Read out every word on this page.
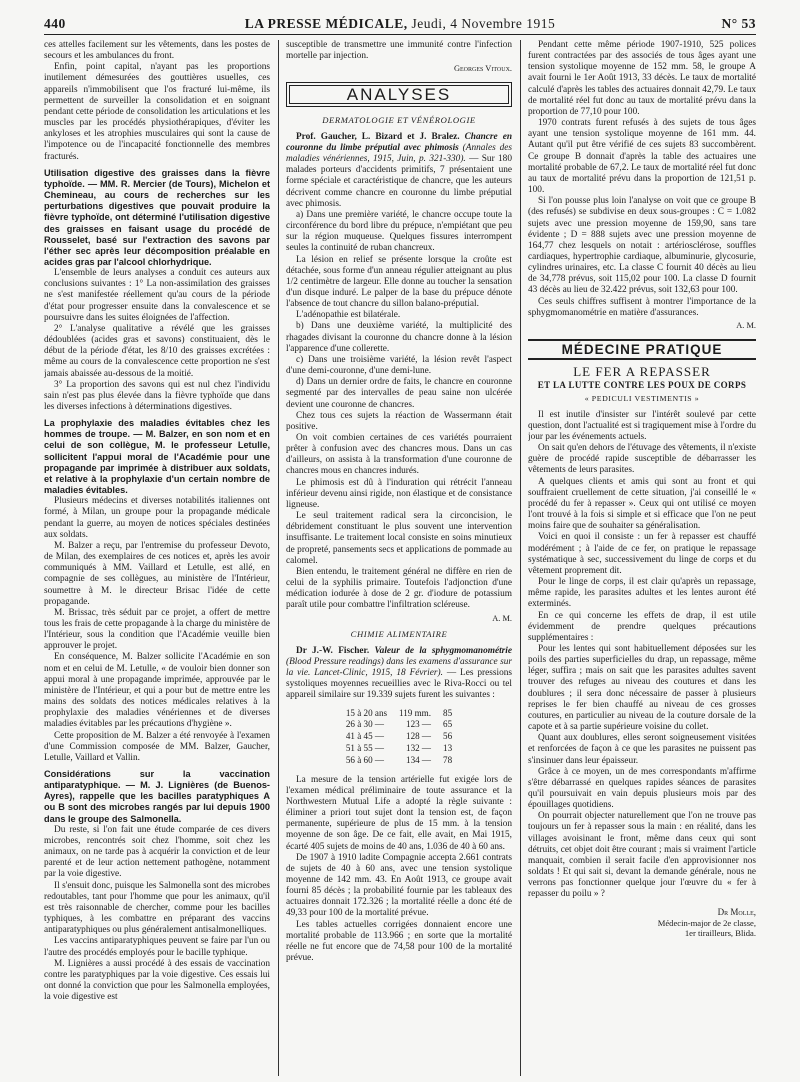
440	LA PRESSE MÉDICALE, Jeudi, 4 Novembre 1915	N° 53

ces attelles facilement sur les vêtements, dans les postes de secours et les ambulances du front.

Enfin, point capital, n'ayant pas les proportions inutilement démesurées des gouttières usuelles, ces appareils n'immobilisent que l'os fracturé lui-même, ils permettent de surveiller la consolidation et en soignant pendant cette période de consolidation les articulations et les muscles par les procédés physiothérapiques, d'éviter les ankyloses et les atrophies musculaires qui sont la cause de l'impotence ou de l'incapacité fonctionnelle des membres fracturés.

Utilisation digestive des graisses dans la fièvre typhoïde. — MM. R. Mercier (de Tours), Michelon et Chemineau, au cours de recherches sur les perturbations digestives que pouvait produire la fièvre typhoïde, ont déterminé l'utilisation digestive des graisses en faisant usage du procédé de Rousselet, basé sur l'extraction des savons par l'éther sec après leur décomposition préalable en acides gras par l'alcool chlorhydrique.

L'ensemble de leurs analyses a conduit ces auteurs aux conclusions suivantes : 1° La non-assimilation des graisses ne s'est manifestée réellement qu'au cours de la période d'état pour progresser ensuite dans la convalescence et se poursuivre dans les suites éloignées de l'affection.

2° L'analyse qualitative a révélé que les graisses dédoublées (acides gras et savons) constituaient, dès le début de la période d'état, les 8/10 des graisses excrétées : même au cours de la convalescence cette proportion ne s'est jamais abaissée au-dessous de la moitié.

3° La proportion des savons qui est nul chez l'individu sain n'est pas plus élevée dans la fièvre typhoïde que dans les diverses infections à déterminations digestives.

La prophylaxie des maladies évitables chez les hommes de troupe. — M. Balzer, en son nom et en celui de son collègue, M. le professeur Letulle, sollicitent l'appui moral de l'Académie pour une propagande par imprimée à distribuer aux soldats, et relative à la prophylaxie d'un certain nombre de maladies évitables.

Plusieurs médecins et diverses notabilités italiennes ont formé, à Milan, un groupe pour la propagande médicale pendant la guerre, au moyen de notices spéciales destinées aux soldats.

M. Balzer a reçu, par l'entremise du professeur Devoto, de Milan, des exemplaires de ces notices et, après les avoir communiqués à MM. Vaillard et Letulle, est allé, en compagnie de ses collègues, au ministère de l'Intérieur, soumettre à M. le directeur Brisac l'idée de cette propagande.

M. Brissac, très séduit par ce projet, a offert de mettre tous les frais de cette propagande à la charge du ministère de l'Intérieur, sous la condition que l'Académie veuille bien approuver le projet.

En conséquence, M. Balzer sollicite l'Académie en son nom et en celui de M. Letulle, « de vouloir bien donner son appui moral à une propagande imprimée, approuvée par le ministère de l'Intérieur, et qui a pour but de mettre entre les mains des soldats des notices médicales relatives à la prophylaxie des maladies vénériennes et de diverses maladies évitables par les précautions d'hygiène ».

Cette proposition de M. Balzer a été renvoyée à l'examen d'une Commission composée de MM. Balzer, Gaucher, Letulle, Vaillard et Vallin.

Considérations sur la vaccination antiparatyphique. — M. J. Lignières (de Buenos-Ayres), rappelle que les bacilles paratyphiques A ou B sont des microbes rangés par lui depuis 1900 dans le groupe des Salmonella.

Du reste, si l'on fait une étude comparée de ces divers microbes, rencontrés soit chez l'homme, soit chez les animaux, on ne tarde pas à acquérir la conviction et de leur parenté et de leur action nettement pathogène, notamment par la voie digestive.

Il s'ensuit donc, puisque les Salmonella sont des microbes redoutables, tant pour l'homme que pour les animaux, qu'il est très raisonnable de chercher, comme pour les bacilles typhiques, à les combattre en préparant des vaccins antiparatyphiques ou plus généralement antisalmonelliques.

Les vaccins antiparatyphiques peuvent se faire par l'un ou l'autre des procédés employés pour le bacille typhique.

M. Lignières a aussi procédé à des essais de vaccination contre les paratyphiques par la voie digestive. Ces essais lui ont donné la conviction que pour les Salmonella employées, la voie digestive est

susceptible de transmettre une immunité contre l'infection mortelle par injection.

Georges Vitoux.
ANALYSES
DERMATOLOGIE ET VÉNÉROLOGIE

Prof. Gaucher, L. Bizard et J. Bralez. Chancre en couronne du limbe préputial avec phimosis (Annales des maladies vénériennes, 1915, Juin, p. 321-330). — Sur 180 malades porteurs d'accidents primitifs, 7 présentaient une forme spéciale et caractéristique de chancre, que les auteurs décrivent comme chancre en couronne du limbe préputial avec phimosis.

a) Dans une première variété, le chancre occupe toute la circonférence du bord libre du prépuce, n'empiétant que peu sur la région muqueuse. Quelques fissures interrompent seules la continuité de ruban chancreux.

La lésion en relief se présente lorsque la croûte est détachée, sous forme d'un anneau régulier atteignant au plus 1/2 centimètre de largeur. Elle donne au toucher la sensation d'un disque induré. Le palper de la base du prépuce dénote l'absence de tout chancre du sillon balano-préputial.

L'adénopathie est bilatérale.

b) Dans une deuxième variété, la multiplicité des rhagades divisant la couronne du chancre donne à la lésion l'apparence d'une collerette.

c) Dans une troisième variété, la lésion revêt l'aspect d'une demi-couronne, d'une demi-lune.

d) Dans un dernier ordre de faits, le chancre en couronne segmenté par des intervalles de peau saine non ulcérée devient une couronne de chancres.

Chez tous ces sujets la réaction de Wassermann était positive.

On voit combien certaines de ces variétés pourraient prêter à confusion avec des chancres mous. Dans un cas d'ailleurs, on assista à la transformation d'une couronne de chancres mous en chancres indurés.

Le phimosis est dû à l'induration qui rétrécit l'anneau inférieur devenu ainsi rigide, non élastique et de consistance ligneuse.

Le seul traitement radical sera la circoncision, le débridement constituant le plus souvent une intervention insuffisante. Le traitement local consiste en soins minutieux de propreté, pansements secs et applications de pommade au calomel.

Bien entendu, le traitement général ne diffère en rien de celui de la syphilis primaire. Toutefois l'adjonction d'une médication iodurée à dose de 2 gr. d'iodure de potassium paraît utile pour combattre l'infiltration scléreuse.

A. M.
CHIMIE ALIMENTAIRE

Dr J.-W. Fischer. Valeur de la sphygmomanométrie (Blood Pressure readings) dans les examens d'assurance sur la vie. Lancet-Clinic, 1915, 18 Février). — Les pressions systoliques moyennes recueillies avec le Riva-Rocci ou tel appareil similaire sur 19.339 sujets furent les suivantes :

15 à 20 ans	119 mm.	85
26 à 30 —	123 —	65
41 à 45 —	128 —	56
51 à 55 —	132 —	13
56 à 60 —	134 —	78

La mesure de la tension artérielle fut exigée lors de l'examen médical préliminaire de toute assurance et la Northwestern Mutual Life a adopté la règle suivante : éliminer a priori tout sujet dont la tension est, de façon permanente, supérieure de plus de 15 mm. à la tension moyenne de son âge. De ce fait, elle avait, en Mai 1915, écarté 405 sujets de moins de 40 ans, 1.036 de 40 à 60 ans.

De 1907 à 1910 ladite Compagnie accepta 2.661 contrats de sujets de 40 à 60 ans, avec une tension systolique moyenne de 142 mm. 43. En Août 1913, ce groupe avait fourni 85 décès ; la probabilité fournie par les tableaux des actuaires donnait 172.326 ; la mortalité réelle a donc été de 49,33 pour 100 de la mortalité prévue.

Les tables actuelles corrigées donnaient encore une mortalité probable de 113.966 ; en sorte que la mortalité réelle ne fut encore que de 74,58 pour 100 de la mortalité prévue.

Pendant cette même période 1907-1910, 525 polices furent contractées par des associés de tous âges ayant une tension systolique moyenne de 152 mm. 58, le groupe A avait fourni le 1er Août 1913, 33 décès. Le taux de mortalité calculé d'après les tables des actuaires donnait 42,79. Le taux de mortalité réel fut donc au taux de mortalité prévu dans la proportion de 77,10 pour 100.

1970 contrats furent refusés à des sujets de tous âges ayant une tension systolique moyenne de 161 mm. 44. Autant qu'il put être vérifié de ces sujets 83 succombèrent. Ce groupe B donnait d'après la table des actuaires une mortalité probable de 67,2. Le taux de mortalité réel fut donc au taux de mortalité prévu dans la proportion de 121,51 p. 100.

Si l'on pousse plus loin l'analyse on voit que ce groupe B (des refusés) se subdivise en deux sous-groupes : C = 1.082 sujets avec une pression moyenne de 159,90, sans tare évidente ; D = 888 sujets avec une pression moyenne de 164,77 chez lesquels on notait : artériosclérose, souffles cardiaques, hypertrophie cardiaque, albuminurie, glycosurie, cylindres urinaires, etc. La classe C fournit 40 décès au lieu de 34,778 prévus, soit 115,02 pour 100. La classe D fournit 43 décès au lieu de 32.422 prévus, soit 132,63 pour 100.

Ces seuls chiffres suffisent à montrer l'importance de la sphygmomanométrie en matière d'assurances.

A. M.
MÉDECINE PRATIQUE
LE FER A REPASSER
ET LA LUTTE CONTRE LES POUX DE CORPS
« PEDICULI VESTIMENTIS »

Il est inutile d'insister sur l'intérêt soulevé par cette question, dont l'actualité est si tragiquement mise à l'ordre du jour par les événements actuels.

On sait qu'en dehors de l'étuvage des vêtements, il n'existe guère de procédé rapide susceptible de débarrasser les vêtements de leurs parasites.

A quelques clients et amis qui sont au front et qui souffraient cruellement de cette situation, j'ai conseillé le « procédé du fer à repasser ». Ceux qui ont utilisé ce moyen l'ont trouvé à la fois si simple et si efficace que l'on ne peut moins faire que de souhaiter sa généralisation.

Voici en quoi il consiste : un fer à repasser est chauffé modérément ; à l'aide de ce fer, on pratique le repassage systématique à sec, successivement du linge de corps et du vêtement proprement dit.

Pour le linge de corps, il est clair qu'après un repassage, même rapide, les parasites adultes et les lentes auront été exterminés.

En ce qui concerne les effets de drap, il est utile évidemment de prendre quelques précautions supplémentaires :

Pour les lentes qui sont habituellement déposées sur les poils des parties superficielles du drap, un repassage, même léger, suffira ; mais on sait que les parasites adultes savent trouver des refuges au niveau des coutures et dans les doublures ; il sera donc nécessaire de passer à plusieurs reprises le fer bien chauffé au niveau de ces grosses coutures, en particulier au niveau de la couture dorsale de la capote et à sa partie supérieure voisine du collet.

Quant aux doublures, elles seront soigneusement visitées et renforcées de façon à ce que les parasites ne puissent pas s'insinuer dans leur épaisseur.

Grâce à ce moyen, un de mes correspondants m'affirme s'être débarrassé en quelques rapides séances de parasites qu'il poursuivait en vain depuis plusieurs mois par des épouillages quotidiens.

On pourrait objecter naturellement que l'on ne trouve pas toujours un fer à repasser sous la main : en réalité, dans les villages avoisinant le front, même dans ceux qui sont détruits, cet objet doit être courant ; mais si vraiment l'article manquait, combien il serait facile d'en approvisionner nos soldats ! Et qui sait si, devant la demande générale, nous ne verrons pas fonctionner quelque jour l'œuvre du « fer à repasser du poilu » ?

Dr Molle,
Médecin-major de 2e classe,
1er tirailleurs, Blida.
